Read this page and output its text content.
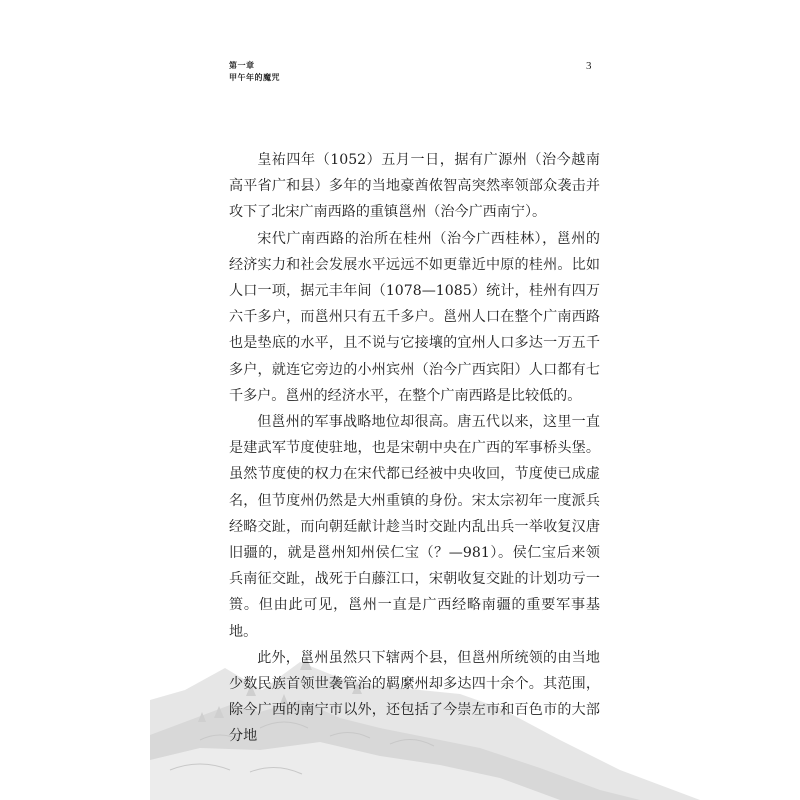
第一章
甲午年的魔咒
3

皇祐四年（1052）五月一日，据有广源州（治今越南高平省广和县）多年的当地豪酋侬智高突然率领部众袭击并攻下了北宋广南西路的重镇邕州（治今广西南宁）。

宋代广南西路的治所在桂州（治今广西桂林），邕州的经济实力和社会发展水平远远不如更靠近中原的桂州。比如人口一项，据元丰年间（1078—1085）统计，桂州有四万六千多户，而邕州只有五千多户。邕州人口在整个广南西路也是垫底的水平，且不说与它接壤的宜州人口多达一万五千多户，就连它旁边的小州宾州（治今广西宾阳）人口都有七千多户。邕州的经济水平，在整个广南西路是比较低的。

但邕州的军事战略地位却很高。唐五代以来，这里一直是建武军节度使驻地，也是宋朝中央在广西的军事桥头堡。虽然节度使的权力在宋代都已经被中央收回，节度使已成虚名，但节度州仍然是大州重镇的身份。宋太宗初年一度派兵经略交趾，而向朝廷献计趁当时交趾内乱出兵一举收复汉唐旧疆的，就是邕州知州侯仁宝（？—981）。侯仁宝后来领兵南征交趾，战死于白藤江口，宋朝收复交趾的计划功亏一篑。但由此可见，邕州一直是广西经略南疆的重要军事基地。

此外，邕州虽然只下辖两个县，但邕州所统领的由当地少数民族首领世袭管治的羁縻州却多达四十余个。其范围，除今广西的南宁市以外，还包括了今崇左市和百色市的大部分地
